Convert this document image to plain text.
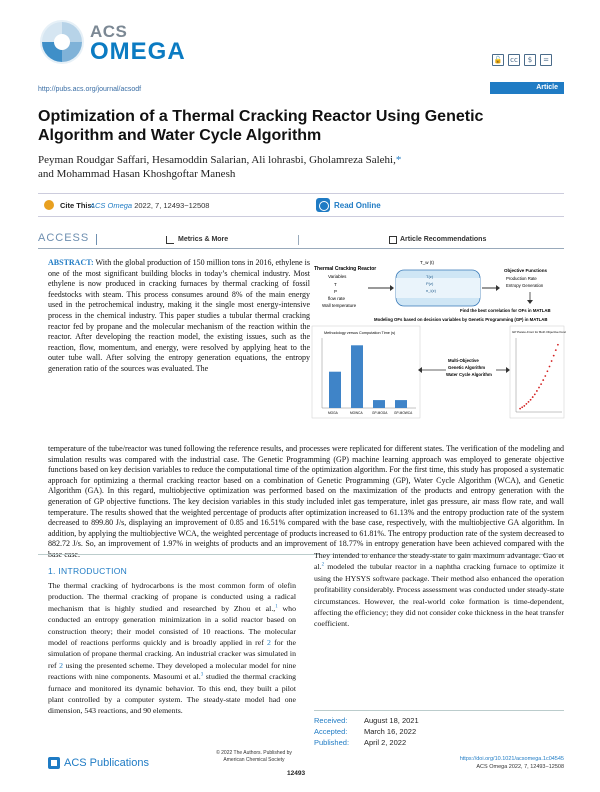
ACS
OMEGA	🔓	cc	$	=
http://pubs.acs.org/journal/acsodf	Article
Optimization of a Thermal Cracking Reactor Using Genetic Algorithm and Water Cycle Algorithm
Peyman Roudgar Saffari, Hesamoddin Salarian, Ali lohrasbi, Gholamreza Salehi,*
and Mohammad Hasan Khoshgoftar Manesh
Cite This:
ACS Omega 2022, 7, 12493−12508	Read Online
ACCESS	Metrics & More	Article Recommendations
ABSTRACT: With the global production of 150 million tons in 2016, ethylene is one of the most significant building blocks in today’s chemical industry. Most ethylene is now produced in cracking furnaces by thermal cracking of fossil feedstocks with steam. This process consumes around 8% of the main energy used in the petrochemical industry, making it the single most energy-intensive process in the chemical industry. This paper studies a tubular thermal cracking reactor fed by propane and the molecular mechanism of the reaction within the reactor. After developing the reaction model, the existing issues, such as the reaction, flow, momentum, and energy, were resolved by applying heat to the outer tube wall. After solving the entropy generation equations, the entropy generation ratio of the sources was evaluated. The
Thermal Cracking Reactor
Variables
T
P
flow rate
Wall temperature
T_w (t)
T(z)
P(z)
n_i(z)
Objective Functions
Production Rate
Entropy Generation
Find the best correlation for OFs in MATLAB
Modeling OFs based on decision variables by Genetic Programming (GP) in MATLAB
Methodology versus Computation Time (s)
MOGA	MOWCA	GP-MOGA GP-MOWCA
Multi-Objective
Genetic Algorithm
Water Cycle Algorithm
GP Pareto-Front for Both Objective Function
temperature of the tube/reactor was tuned following the reference results, and processes were replicated for different states. The verification of the modeling and simulation results was compared with the industrial case. The Genetic Programming (GP) machine learning approach was employed to generate objective functions based on key decision variables to reduce the computational time of the optimization algorithm. For the first time, this study has proposed a systematic approach for optimizing a thermal cracking reactor based on a combination of Genetic Programming (GP), Water Cycle Algorithm (WCA), and Genetic Algorithm (GA). In this regard, multiobjective optimization was performed based on the maximization of the products and entropy generation with the generation of GP objective functions. The key decision variables in this study included inlet gas temperature, inlet gas pressure, air mass flow rate, and wall temperature. The results showed that the weighted percentage of products after optimization increased to 61.13% and the entropy production rate of the system decreased to 899.80 J/s, displaying an improvement of 0.85 and 16.51% compared with the base case, respectively, with the multiobjective GA algorithm. In addition, by applying the multiobjective WCA, the weighted percentage of products increased to 61.81%. The entropy production rate of the system decreased to 882.72 J/s. So, an improvement of 1.97% in weights of products and an improvement of 18.77% in entropy generation have been achieved compared with the
1. INTRODUCTION
The thermal cracking of hydrocarbons is the most common form of olefin production. The thermal cracking of propane is conducted using a radical mechanism that is highly studied and researched by Zhou et al.,$^1$ who conducted an entropy generation minimization in a solid reactor based on construction theory; their model consisted of 10 reactions. The molecular model of reactions performs quickly and is broadly applied in ref 2 for the simulation of propane thermal cracking. An industrial cracker was simulated in ref 2 using the presented scheme. They developed a molecular model for nine reactions with nine components. Masoumi et al.$^3$ studied the thermal cracking furnace and monitored its dynamic behavior. To this end, they built a pilot plant controlled by a computer system. The steady-state model had one dimension, 543 reactions, and 90 elements.
They intended to enhance the steady-state to gain maximum advantage. Gao et al.$^2$ modeled the tubular reactor in a naphtha cracking furnace to optimize it using the HYSYS software package. Their method also enhanced the operation profitability considerably. Process assessment was conducted under steady-state circumstances. However, the real-world coke formation is time-dependent, affecting the efficiency; they did not consider coke thickness in the heat transfer coefficient.
Received:	August 18, 2021
Accepted:	March 16, 2022
Published:	April 2, 2022
ACS Publications
© 2022 The Authors. Published by
American Chemical Society
12493
https://doi.org/10.1021/acsomega.1c04545
ACS Omega 2022, 7, 12493−12508
